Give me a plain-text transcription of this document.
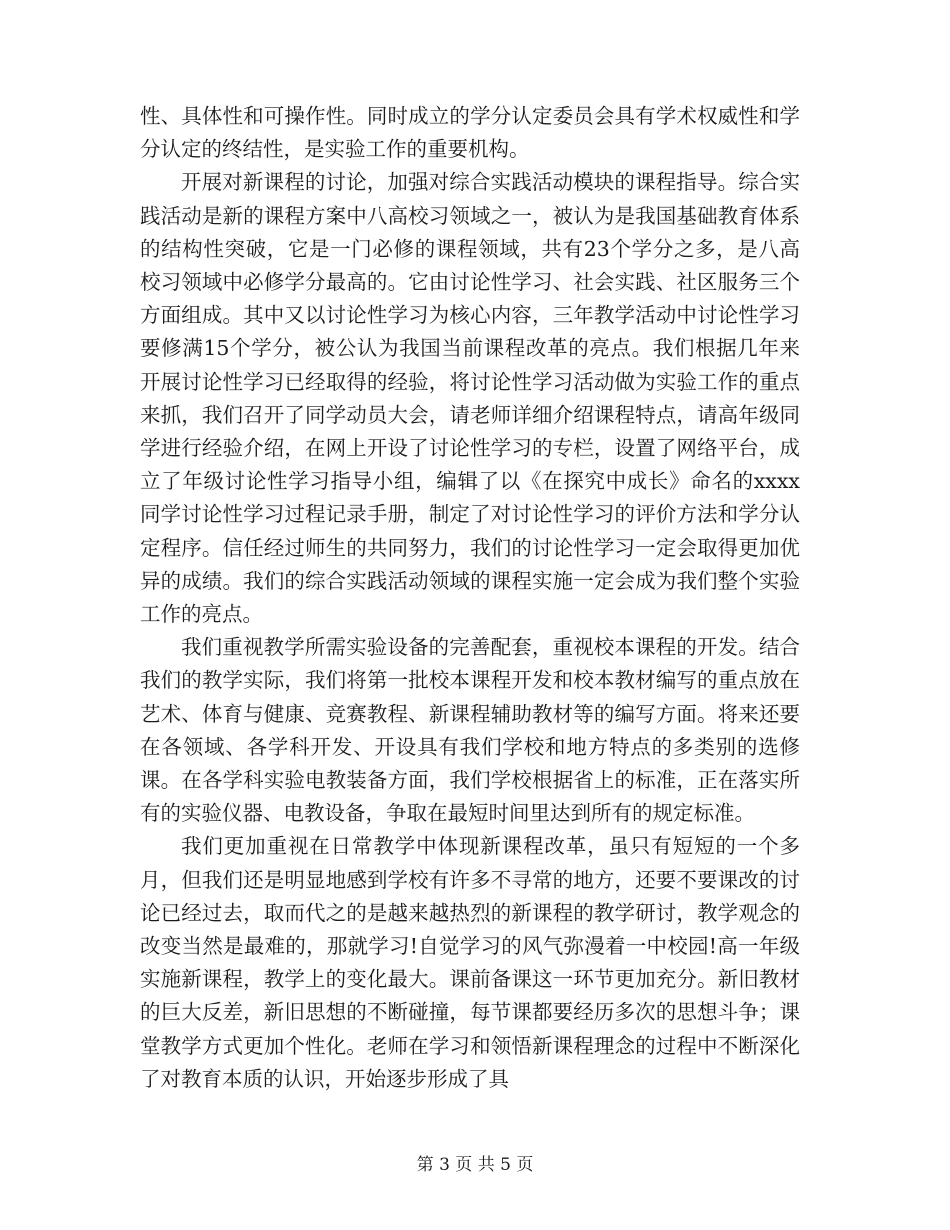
性、具体性和可操作性。同时成立的学分认定委员会具有学术权威性和学分认定的终结性，是实验工作的重要机构。

开展对新课程的讨论，加强对综合实践活动模块的课程指导。综合实践活动是新的课程方案中八高校习领域之一，被认为是我国基础教育体系的结构性突破，它是一门必修的课程领域，共有23个学分之多，是八高校习领域中必修学分最高的。它由讨论性学习、社会实践、社区服务三个方面组成。其中又以讨论性学习为核心内容，三年教学活动中讨论性学习要修满15个学分，被公认为我国当前课程改革的亮点。我们根据几年来开展讨论性学习已经取得的经验，将讨论性学习活动做为实验工作的重点来抓，我们召开了同学动员大会，请老师详细介绍课程特点，请高年级同学进行经验介绍，在网上开设了讨论性学习的专栏，设置了网络平台，成立了年级讨论性学习指导小组，编辑了以《在探究中成长》命名的xxxx同学讨论性学习过程记录手册，制定了对讨论性学习的评价方法和学分认定程序。信任经过师生的共同努力，我们的讨论性学习一定会取得更加优异的成绩。我们的综合实践活动领域的课程实施一定会成为我们整个实验工作的亮点。

我们重视教学所需实验设备的完善配套，重视校本课程的开发。结合我们的教学实际，我们将第一批校本课程开发和校本教材编写的重点放在艺术、体育与健康、竞赛教程、新课程辅助教材等的编写方面。将来还要在各领域、各学科开发、开设具有我们学校和地方特点的多类别的选修课。在各学科实验电教装备方面，我们学校根据省上的标准，正在落实所有的实验仪器、电教设备，争取在最短时间里达到所有的规定标准。

我们更加重视在日常教学中体现新课程改革，虽只有短短的一个多月，但我们还是明显地感到学校有许多不寻常的地方，还要不要课改的讨论已经过去，取而代之的是越来越热烈的新课程的教学研讨，教学观念的改变当然是最难的，那就学习!自觉学习的风气弥漫着一中校园!高一年级实施新课程，教学上的变化最大。课前备课这一环节更加充分。新旧教材的巨大反差，新旧思想的不断碰撞，每节课都要经历多次的思想斗争；课堂教学方式更加个性化。老师在学习和领悟新课程理念的过程中不断深化了对教育本质的认识，开始逐步形成了具

第 3 页 共 5 页
